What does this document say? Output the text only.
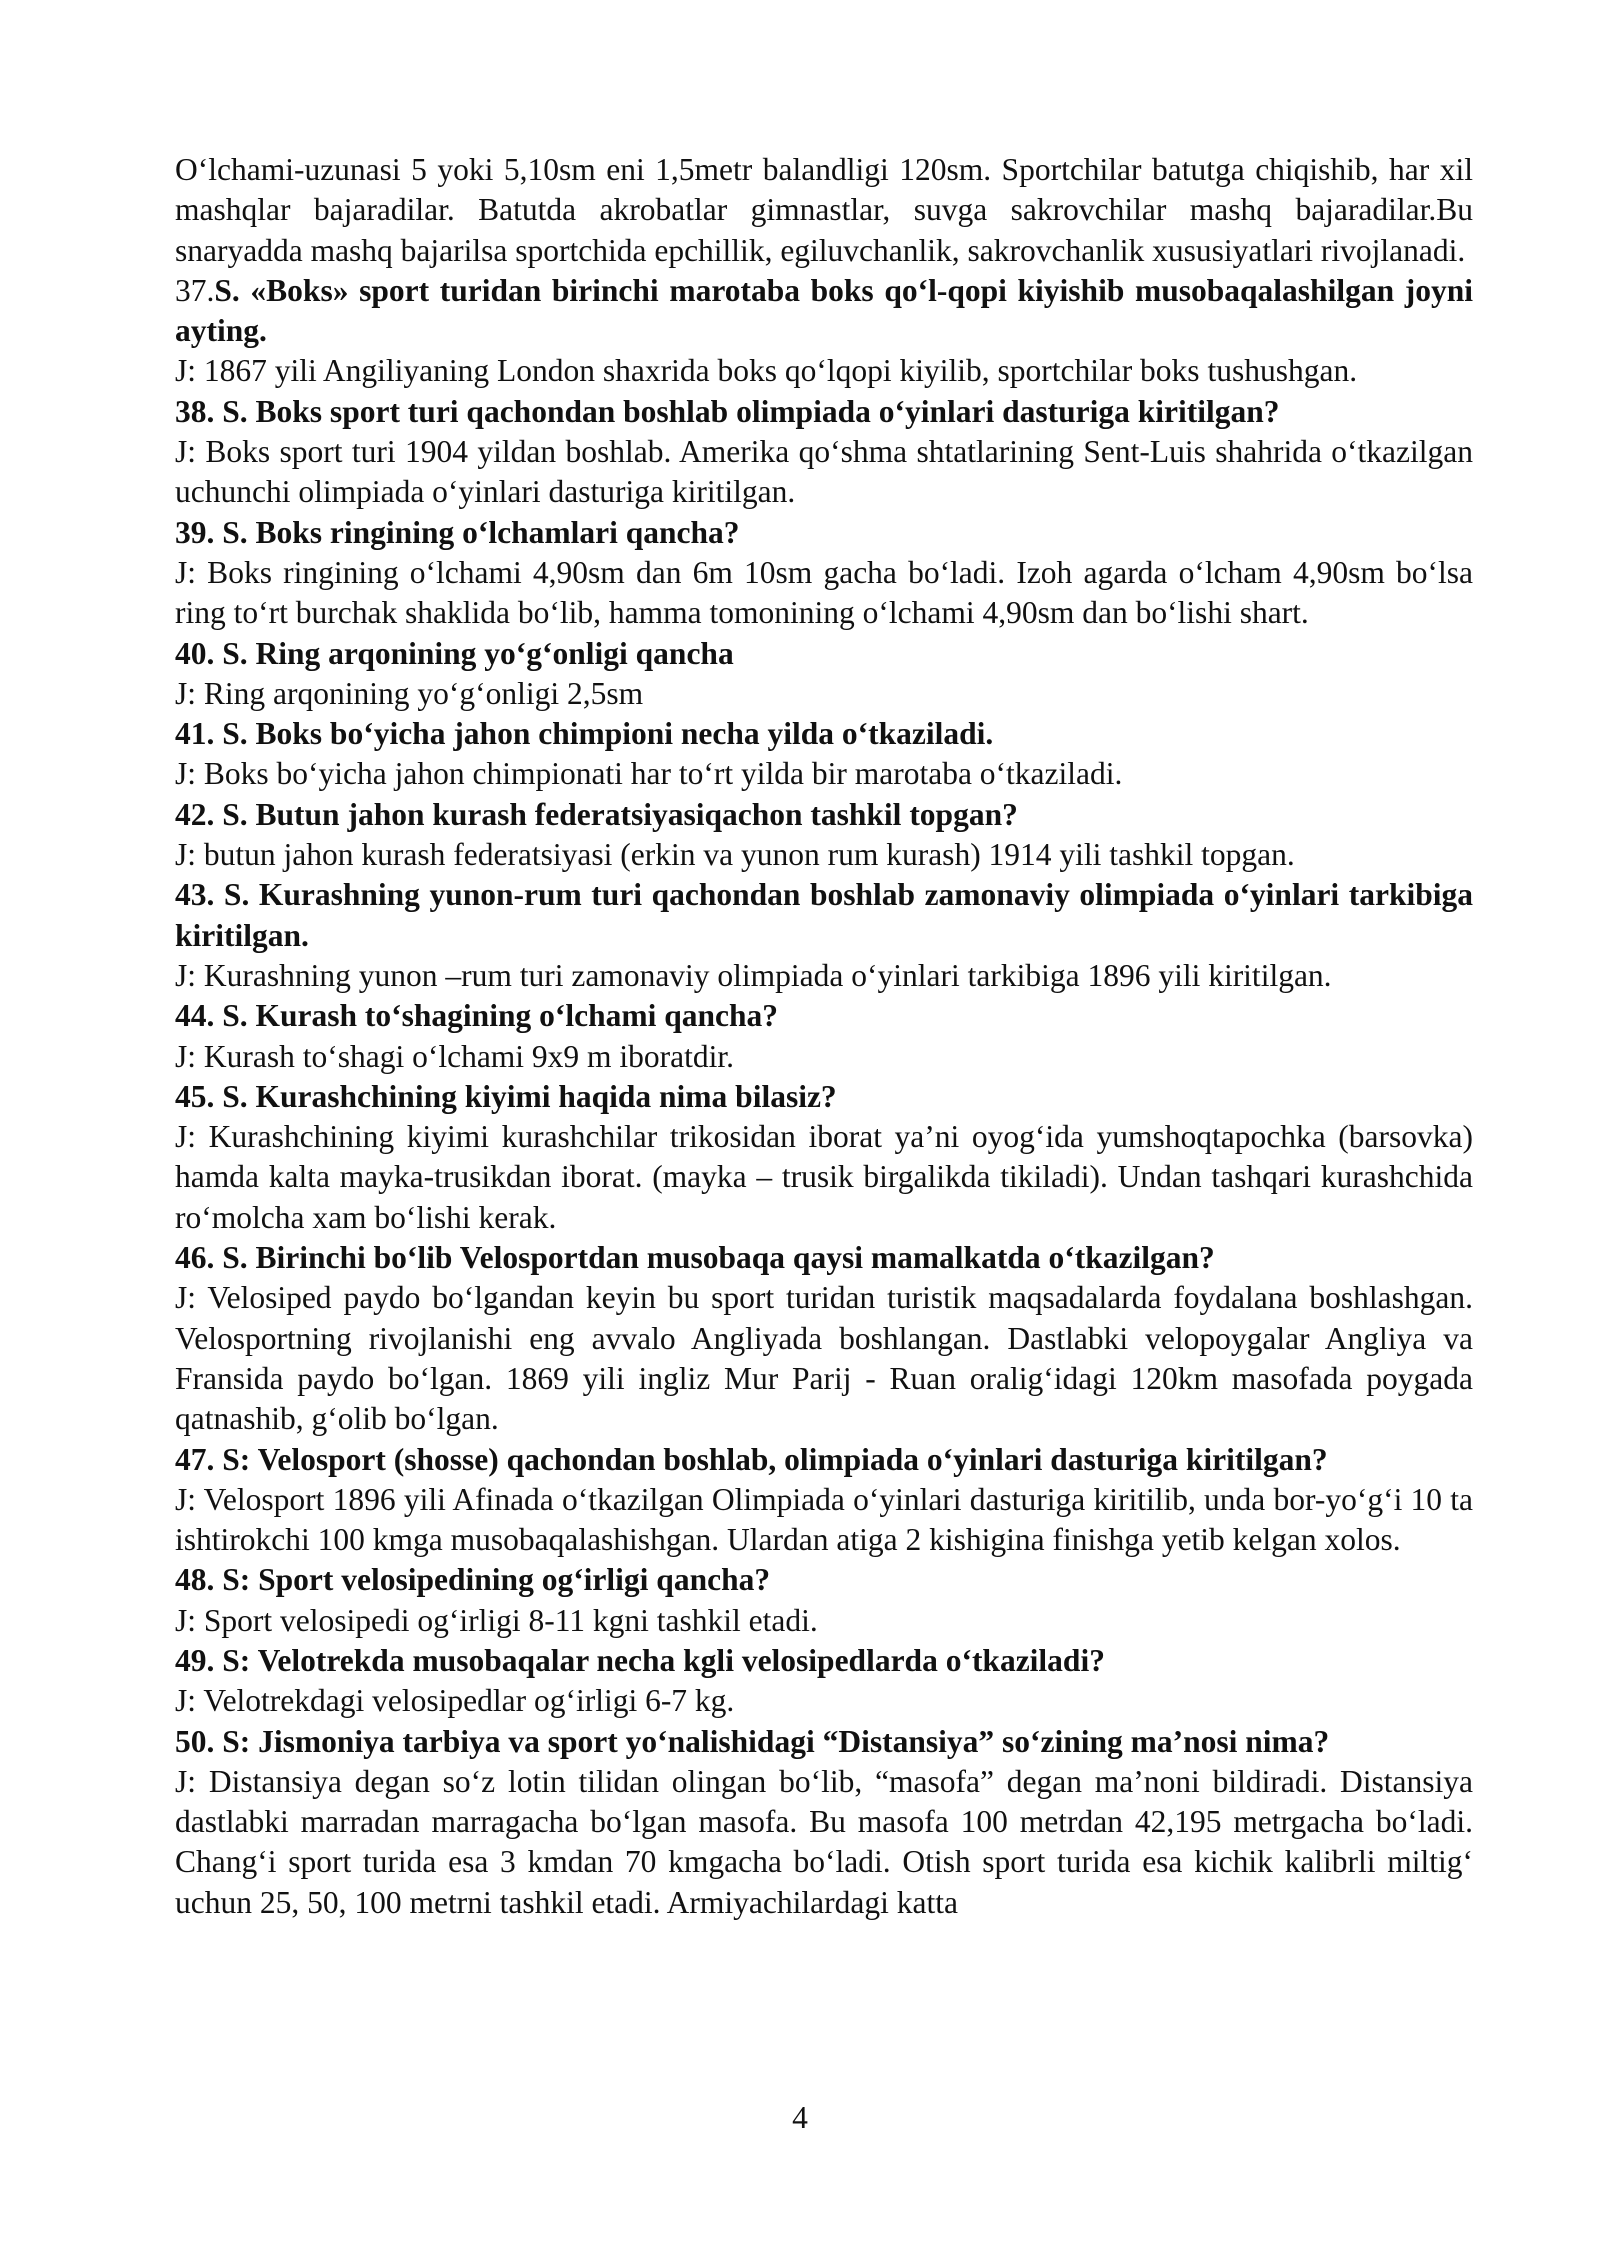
O‘lchami-uzunasi 5 yoki 5,10sm eni 1,5metr balandligi 120sm. Sportchilar batutga chiqishib, har xil mashqlar bajaradilar. Batutda akrobatlar gimnastlar, suvga sakrovchilar mashq bajaradilar.Bu snaryadda mashq bajarilsa sportchida epchillik, egiluvchanlik, sakrovchanlik xususiyatlari rivojlanadi.

37.S. «Boks» sport turidan birinchi marotaba boks qo‘l-qopi kiyishib musobaqalashilgan joyni ayting.

J: 1867 yili Angiliyaning London shaxrida boks qo‘lqopi kiyilib, sportchilar boks tushushgan.

38. S. Boks sport turi qachondan boshlab olimpiada o‘yinlari dasturiga kiritilgan?

J: Boks sport turi 1904 yildan boshlab. Amerika qo‘shma shtatlarining Sent-Luis shahrida o‘tkazilgan uchunchi olimpiada o‘yinlari dasturiga kiritilgan.

39. S. Boks ringining o‘lchamlari qancha?

J: Boks ringining o‘lchami 4,90sm dan 6m 10sm gacha bo‘ladi. Izoh agarda o‘lcham 4,90sm bo‘lsa ring to‘rt burchak shaklida bo‘lib, hamma tomonining o‘lchami 4,90sm dan bo‘lishi shart.

40. S. Ring arqonining yo‘g‘onligi qancha

J: Ring arqonining yo‘g‘onligi 2,5sm

41. S. Boks bo‘yicha jahon chimpioni necha yilda o‘tkaziladi.

J: Boks bo‘yicha jahon chimpionati har to‘rt yilda bir marotaba o‘tkaziladi.

42. S. Butun jahon kurash federatsiyasiqachon tashkil topgan?

J: butun jahon kurash federatsiyasi (erkin va yunon rum kurash) 1914 yili tashkil topgan.

43. S. Kurashning yunon-rum turi qachondan boshlab zamonaviy olimpiada o‘yinlari tarkibiga kiritilgan.

J: Kurashning yunon –rum turi zamonaviy olimpiada o‘yinlari tarkibiga 1896 yili kiritilgan.

44. S. Kurash to‘shagining o‘lchami qancha?

J: Kurash to‘shagi o‘lchami 9x9 m iboratdir.

45. S. Kurashchining kiyimi haqida nima bilasiz?

J: Kurashchining kiyimi kurashchilar trikosidan iborat ya’ni oyog‘ida yumshoqtapochka (barsovka) hamda kalta mayka-trusikdan iborat. (mayka – trusik birgalikda tikiladi). Undan tashqari kurashchida ro‘molcha xam bo‘lishi kerak.

46. S. Birinchi bo‘lib Velosportdan musobaqa qaysi mamalkatda o‘tkazilgan?

J: Velosiped paydo bo‘lgandan keyin bu sport turidan turistik maqsadalarda foydalana boshlashgan. Velosportning rivojlanishi eng avvalo Angliyada boshlangan. Dastlabki velopoygalar Angliya va Fransida paydo bo‘lgan. 1869 yili ingliz Mur Parij - Ruan oralig‘idagi 120km masofada poygada qatnashib, g‘olib bo‘lgan.

47. S: Velosport (shosse) qachondan boshlab, olimpiada o‘yinlari dasturiga kiritilgan?

J: Velosport 1896 yili Afinada o‘tkazilgan Olimpiada o‘yinlari dasturiga kiritilib, unda bor-yo‘g‘i 10 ta ishtirokchi 100 kmga musobaqalashishgan. Ulardan atiga 2 kishigina finishga yetib kelgan xolos.

48. S: Sport velosipedining og‘irligi qancha?

J: Sport velosipedi og‘irligi 8-11 kgni tashkil etadi.

49. S: Velotrekda musobaqalar necha kgli velosipedlarda o‘tkaziladi?

J: Velotrekdagi velosipedlar og‘irligi 6-7 kg.

50. S: Jismoniya tarbiya va sport yo‘nalishidagi “Distansiya” so‘zining ma’nosi nima?

J: Distansiya degan so‘z lotin tilidan olingan bo‘lib, “masofa” degan ma’noni bildiradi. Distansiya dastlabki marradan marragacha bo‘lgan masofa. Bu masofa 100 metrdan 42,195 metrgacha bo‘ladi. Chang‘i sport turida esa 3 kmdan 70 kmgacha bo‘ladi. Otish sport turida esa kichik kalibrli miltig‘ uchun 25, 50, 100 metrni tashkil etadi. Armiyachilardagi katta

4
